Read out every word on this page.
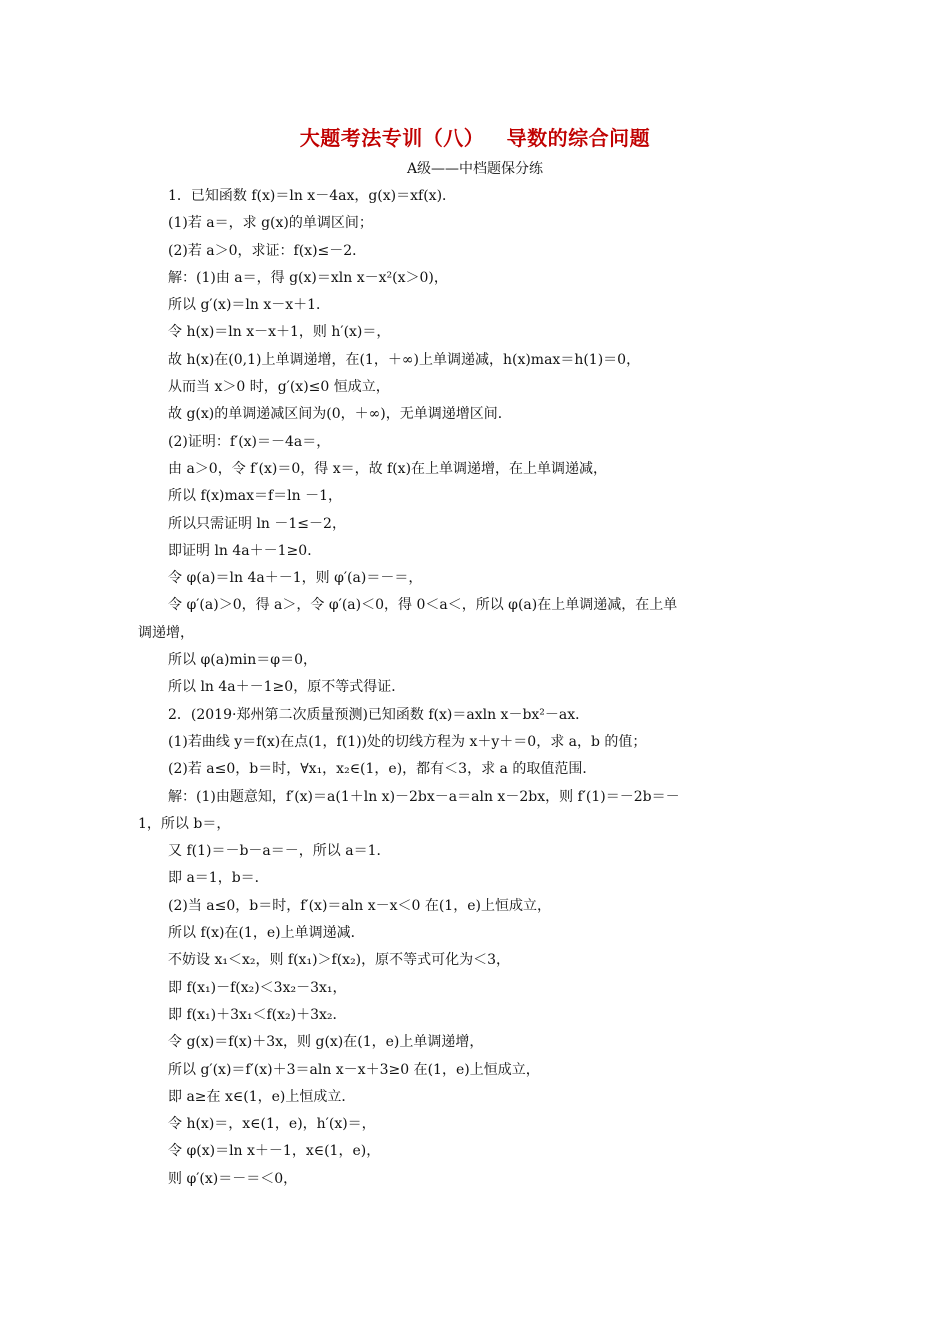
大题考法专训（八）   导数的综合问题
A级——中档题保分练
1．已知函数 f(x)＝ln x－4ax，g(x)＝xf(x)．
(1)若 a＝，求 g(x)的单调区间；
(2)若 a＞0，求证：f(x)≤－2．
解：(1)由 a＝，得 g(x)＝xln x－x²(x＞0)，
所以 g′(x)＝ln x－x＋1．
令 h(x)＝ln x－x＋1，则 h′(x)＝，
故 h(x)在(0,1)上单调递增，在(1，＋∞)上单调递减，h(x)max＝h(1)＝0，
从而当 x＞0 时，g′(x)≤0 恒成立，
故 g(x)的单调递减区间为(0，＋∞)，无单调递增区间．
(2)证明：f′(x)＝－4a＝，
由 a＞0，令 f′(x)＝0，得 x＝，故 f(x)在上单调递增，在上单调递减，
所以 f(x)max＝f＝ln －1，
所以只需证明 ln －1≤－2，
即证明 ln 4a＋－1≥0．
令 φ(a)＝ln 4a＋－1，则 φ′(a)＝－＝，
令 φ′(a)＞0，得 a＞，令 φ′(a)＜0，得 0＜a＜，所以 φ(a)在上单调递减，在上单
调递增，
所以 φ(a)min＝φ＝0，
所以 ln 4a＋－1≥0，原不等式得证．
2．(2019·郑州第二次质量预测)已知函数 f(x)＝axln x－bx²－ax．
(1)若曲线 y＝f(x)在点(1，f(1))处的切线方程为 x＋y＋＝0，求 a，b 的值；
(2)若 a≤0，b＝时，∀x₁，x₂∈(1，e)，都有＜3，求 a 的取值范围．
解：(1)由题意知，f′(x)＝a(1＋ln x)－2bx－a＝aln x－2bx，则 f′(1)＝－2b＝－
1，所以 b＝，
又 f(1)＝－b－a＝－，所以 a＝1．
即 a＝1，b＝．
(2)当 a≤0，b＝时，f′(x)＝aln x－x＜0 在(1，e)上恒成立，
所以 f(x)在(1，e)上单调递减．
不妨设 x₁＜x₂，则 f(x₁)＞f(x₂)，原不等式可化为＜3，
即 f(x₁)－f(x₂)＜3x₂－3x₁，
即 f(x₁)＋3x₁＜f(x₂)＋3x₂．
令 g(x)＝f(x)＋3x，则 g(x)在(1，e)上单调递增，
所以 g′(x)＝f′(x)＋3＝aln x－x＋3≥0 在(1，e)上恒成立，
即 a≥在 x∈(1，e)上恒成立．
令 h(x)＝，x∈(1，e)，h′(x)＝，
令 φ(x)＝ln x＋－1，x∈(1，e)，
则 φ′(x)＝－＝＜0，
